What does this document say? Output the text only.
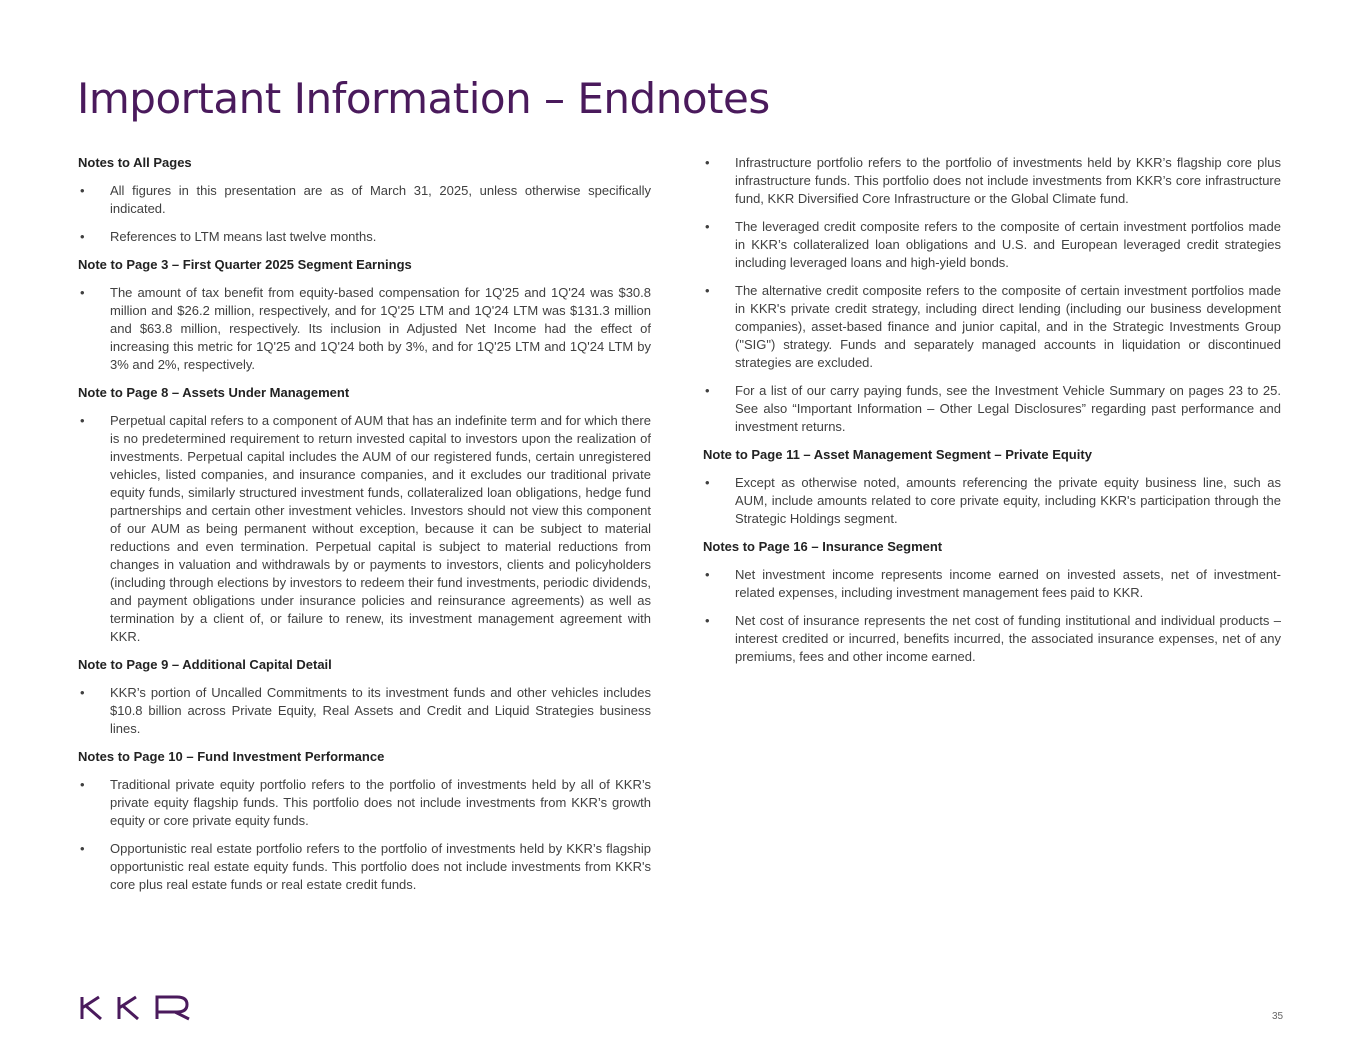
Important Information – Endnotes

Notes to All Pages

• All figures in this presentation are as of March 31, 2025, unless otherwise specifically indicated.
• References to LTM means last twelve months.

Note to Page 3 – First Quarter 2025 Segment Earnings

• The amount of tax benefit from equity-based compensation for 1Q'25 and 1Q'24 was $30.8 million and $26.2 million, respectively, and for 1Q'25 LTM and 1Q'24 LTM was $131.3 million and $63.8 million, respectively. Its inclusion in Adjusted Net Income had the effect of increasing this metric for 1Q'25 and 1Q'24 both by 3%, and for 1Q'25 LTM and 1Q'24 LTM by 3% and 2%, respectively.

Note to Page 8 – Assets Under Management

• Perpetual capital refers to a component of AUM that has an indefinite term and for which there is no predetermined requirement to return invested capital to investors upon the realization of investments. Perpetual capital includes the AUM of our registered funds, certain unregistered vehicles, listed companies, and insurance companies, and it excludes our traditional private equity funds, similarly structured investment funds, collateralized loan obligations, hedge fund partnerships and certain other investment vehicles. Investors should not view this component of our AUM as being permanent without exception, because it can be subject to material reductions and even termination. Perpetual capital is subject to material reductions from changes in valuation and withdrawals by or payments to investors, clients and policyholders (including through elections by investors to redeem their fund investments, periodic dividends, and payment obligations under insurance policies and reinsurance agreements) as well as termination by a client of, or failure to renew, its investment management agreement with KKR.

Note to Page 9 – Additional Capital Detail

• KKR’s portion of Uncalled Commitments to its investment funds and other vehicles includes $10.8 billion across Private Equity, Real Assets and Credit and Liquid Strategies business lines.

Notes to Page 10 – Fund Investment Performance

• Traditional private equity portfolio refers to the portfolio of investments held by all of KKR’s private equity flagship funds. This portfolio does not include investments from KKR’s growth equity or core private equity funds.
• Opportunistic real estate portfolio refers to the portfolio of investments held by KKR’s flagship opportunistic real estate equity funds. This portfolio does not include investments from KKR's core plus real estate funds or real estate credit funds.
• Infrastructure portfolio refers to the portfolio of investments held by KKR’s flagship core plus infrastructure funds. This portfolio does not include investments from KKR’s core infrastructure fund, KKR Diversified Core Infrastructure or the Global Climate fund.
• The leveraged credit composite refers to the composite of certain investment portfolios made in KKR’s collateralized loan obligations and U.S. and European leveraged credit strategies including leveraged loans and high-yield bonds.
• The alternative credit composite refers to the composite of certain investment portfolios made in KKR's private credit strategy, including direct lending (including our business development companies), asset-based finance and junior capital, and in the Strategic Investments Group ("SIG") strategy. Funds and separately managed accounts in liquidation or discontinued strategies are excluded.
• For a list of our carry paying funds, see the Investment Vehicle Summary on pages 23 to 25. See also “Important Information – Other Legal Disclosures” regarding past performance and investment returns.

Note to Page 11 – Asset Management Segment – Private Equity

• Except as otherwise noted, amounts referencing the private equity business line, such as AUM, include amounts related to core private equity, including KKR's participation through the Strategic Holdings segment.

Notes to Page 16 – Insurance Segment

• Net investment income represents income earned on invested assets, net of investment-related expenses, including investment management fees paid to KKR.
• Net cost of insurance represents the net cost of funding institutional and individual products – interest credited or incurred, benefits incurred, the associated insurance expenses, net of any premiums, fees and other income earned.
35
